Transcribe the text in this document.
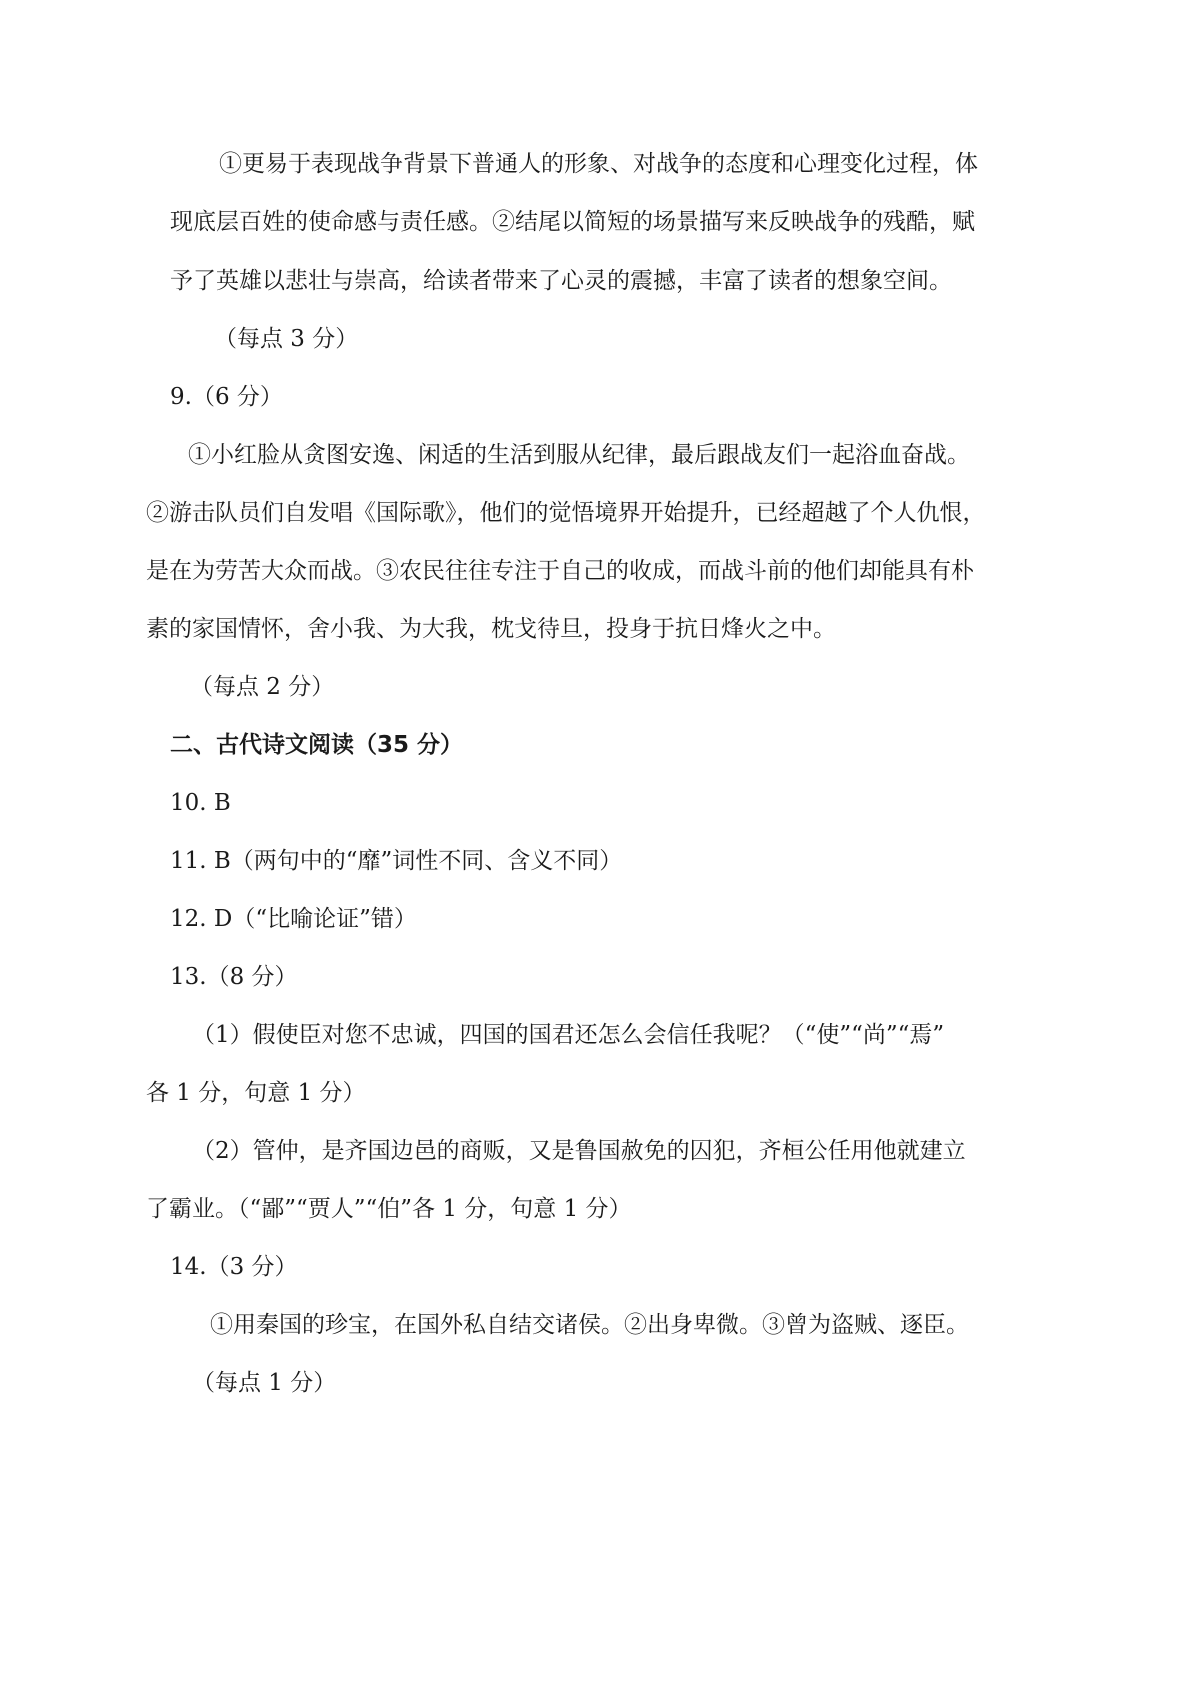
①更易于表现战争背景下普通人的形象、对战争的态度和心理变化过程，体
现底层百姓的使命感与责任感。②结尾以简短的场景描写来反映战争的残酷，赋
予了英雄以悲壮与崇高，给读者带来了心灵的震撼，丰富了读者的想象空间。
（每点 3 分）
9.（6 分）
①小红脸从贪图安逸、闲适的生活到服从纪律，最后跟战友们一起浴血奋战。
②游击队员们自发唱《国际歌》，他们的觉悟境界开始提升，已经超越了个人仇恨，
是在为劳苦大众而战。③农民往往专注于自己的收成，而战斗前的他们却能具有朴
素的家国情怀，舍小我、为大我，枕戈待旦，投身于抗日烽火之中。
（每点 2 分）
二、古代诗文阅读（35 分）
10. B
11. B（两句中的“靡”词性不同、含义不同）
12. D（“比喻论证”错）
13.（8 分）
（1）假使臣对您不忠诚，四国的国君还怎么会信任我呢？（“使”“尚”“焉”
各 1 分，句意 1 分）
（2）管仲，是齐国边邑的商贩，又是鲁国赦免的囚犯，齐桓公任用他就建立
了霸业。（“鄙”“贾人”“伯”各 1 分，句意 1 分）
14.（3 分）
①用秦国的珍宝，在国外私自结交诸侯。②出身卑微。③曾为盗贼、逐臣。
（每点 1 分）
